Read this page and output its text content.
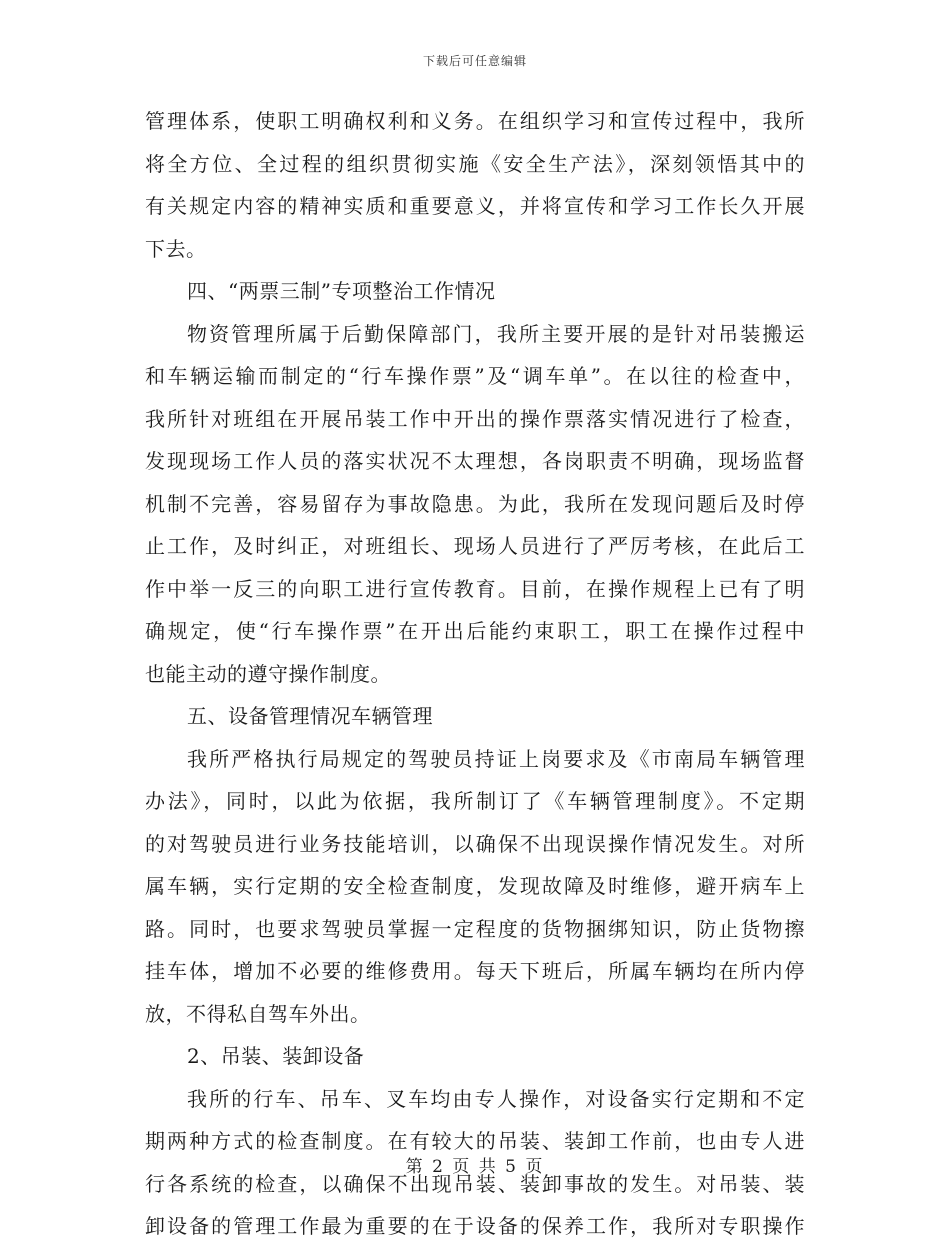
下载后可任意编辑
管理体系，使职工明确权利和义务。在组织学习和宣传过程中，我所
将全方位、全过程的组织贯彻实施《安全生产法》，深刻领悟其中的
有关规定内容的精神实质和重要意义，并将宣传和学习工作长久开展
下去。
四、“两票三制”专项整治工作情况
物资管理所属于后勤保障部门，我所主要开展的是针对吊装搬运
和车辆运输而制定的“行车操作票”及“调车单”。在以往的检查中，
我所针对班组在开展吊装工作中开出的操作票落实情况进行了检查，
发现现场工作人员的落实状况不太理想，各岗职责不明确，现场监督
机制不完善，容易留存为事故隐患。为此，我所在发现问题后及时停
止工作，及时纠正，对班组长、现场人员进行了严厉考核，在此后工
作中举一反三的向职工进行宣传教育。目前，在操作规程上已有了明
确规定，使“行车操作票”在开出后能约束职工，职工在操作过程中
也能主动的遵守操作制度。
五、设备管理情况车辆管理
我所严格执行局规定的驾驶员持证上岗要求及《市南局车辆管理
办法》，同时，以此为依据，我所制订了《车辆管理制度》。不定期
的对驾驶员进行业务技能培训，以确保不出现误操作情况发生。对所
属车辆，实行定期的安全检查制度，发现故障及时维修，避开病车上
路。同时，也要求驾驶员掌握一定程度的货物捆绑知识，防止货物擦
挂车体，增加不必要的维修费用。每天下班后，所属车辆均在所内停
放，不得私自驾车外出。
2、吊装、装卸设备
我所的行车、吊车、叉车均由专人操作，对设备实行定期和不定
期两种方式的检查制度。在有较大的吊装、装卸工作前，也由专人进
行各系统的检查，以确保不出现吊装、装卸事故的发生。对吊装、装
卸设备的管理工作最为重要的在于设备的保养工作，我所对专职操作
第 2 页 共 5 页
